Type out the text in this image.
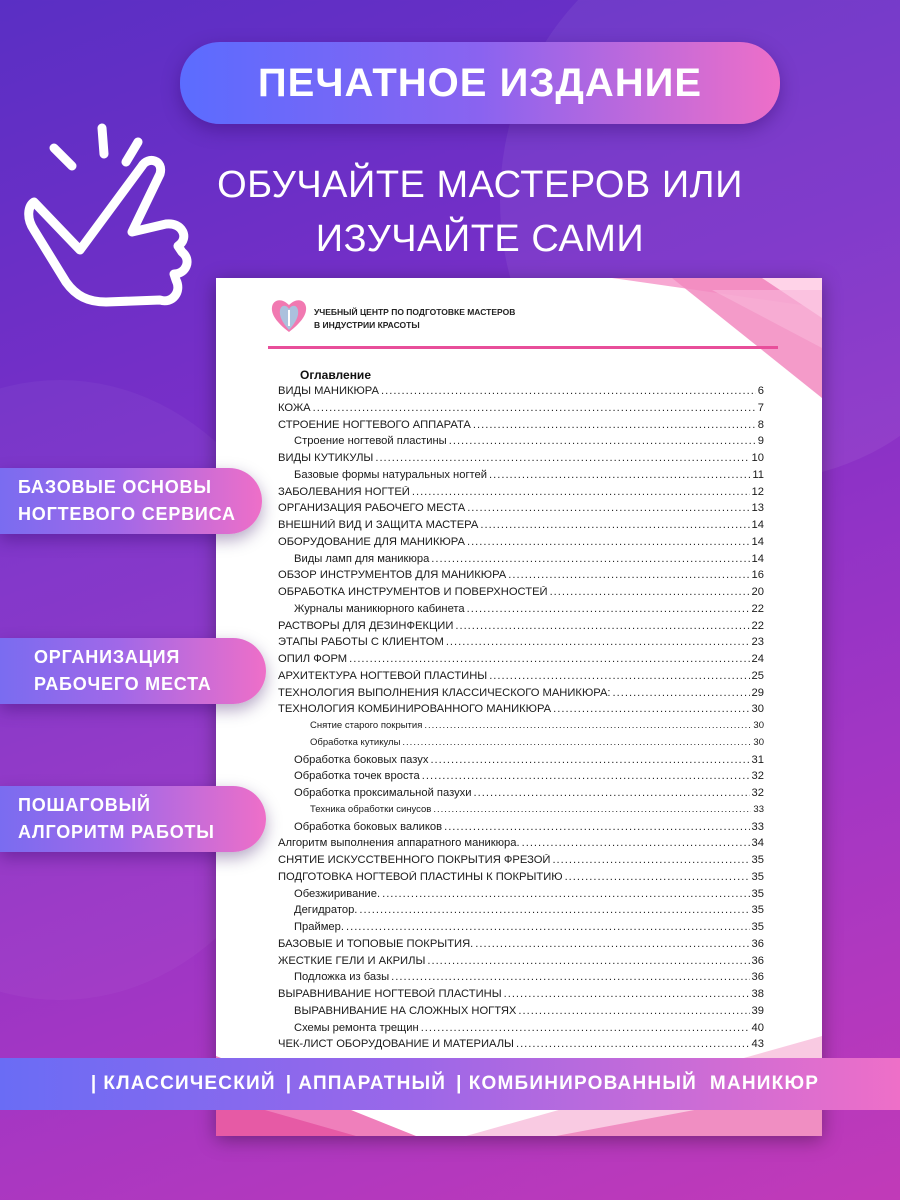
ПЕЧАТНОЕ ИЗДАНИЕ
ОБУЧАЙТЕ МАСТЕРОВ ИЛИ
ИЗУЧАЙТЕ САМИ
УЧЕБНЫЙ ЦЕНТР ПО ПОДГОТОВКЕ МАСТЕРОВ
В ИНДУСТРИИ КРАСОТЫ
Оглавление
ВИДЫ МАНИКЮРА .....	6
КОЖА .....	7
СТРОЕНИЕ НОГТЕВОГО АППАРАТА .....	8
Строение ногтевой пластины .....	9
ВИДЫ КУТИКУЛЫ .....	10
Базовые формы натуральных ногтей .....	11
ЗАБОЛЕВАНИЯ НОГТЕЙ .....	12
ОРГАНИЗАЦИЯ РАБОЧЕГО МЕСТА .....	13
ВНЕШНИЙ ВИД И ЗАЩИТА МАСТЕРА .....	14
ОБОРУДОВАНИЕ ДЛЯ МАНИКЮРА .....	14
Виды ламп для маникюра .....	14
ОБЗОР ИНСТРУМЕНТОВ ДЛЯ МАНИКЮРА .....	16
ОБРАБОТКА ИНСТРУМЕНТОВ И ПОВЕРХНОСТЕЙ .....	20
Журналы маникюрного кабинета .....	22
РАСТВОРЫ ДЛЯ ДЕЗИНФЕКЦИИ .....	22
ЭТАПЫ РАБОТЫ С КЛИЕНТОМ .....	23
ОПИЛ ФОРМ .....	24
АРХИТЕКТУРА НОГТЕВОЙ ПЛАСТИНЫ .....	25
ТЕХНОЛОГИЯ ВЫПОЛНЕНИЯ КЛАССИЧЕСКОГО МАНИКЮРА: .....	29
ТЕХНОЛОГИЯ КОМБИНИРОВАННОГО МАНИКЮРА .....	30
Снятие старого покрытия .....	30
Обработка кутикулы .....	30
Обработка боковых пазух .....	31
Обработка точек вроста .....	32
Обработка проксимальной пазухи .....	32
Техника обработки синусов .....	33
Обработка боковых валиков .....	33
Алгоритм выполнения аппаратного маникюра. .....	34
СНЯТИЕ ИСКУССТВЕННОГО ПОКРЫТИЯ ФРЕЗОЙ .....	35
ПОДГОТОВКА НОГТЕВОЙ ПЛАСТИНЫ К ПОКРЫТИЮ .....	35
Обезжиривание. .....	35
Дегидратор. .....	35
Праймер. .....	35
БАЗОВЫЕ И ТОПОВЫЕ ПОКРЫТИЯ. .....	36
ЖЕСТКИЕ ГЕЛИ И АКРИЛЫ .....	36
Подложка из базы .....	36
ВЫРАВНИВАНИЕ НОГТЕВОЙ ПЛАСТИНЫ .....	38
ВЫРАВНИВАНИЕ НА СЛОЖНЫХ НОГТЯХ .....	39
Схемы ремонта трещин .....	40
ЧЕК-ЛИСТ ОБОРУДОВАНИЕ И МАТЕРИАЛЫ .....	43
БАЗОВЫЕ ОСНОВЫ
НОГТЕВОГО СЕРВИСА
ОРГАНИЗАЦИЯ
РАБОЧЕГО МЕСТА
ПОШАГОВЫЙ
АЛГОРИТМ РАБОТЫ
| КЛАССИЧЕСКИЙ | АППАРАТНЫЙ | КОМБИНИРОВАННЫЙ  МАНИКЮР
